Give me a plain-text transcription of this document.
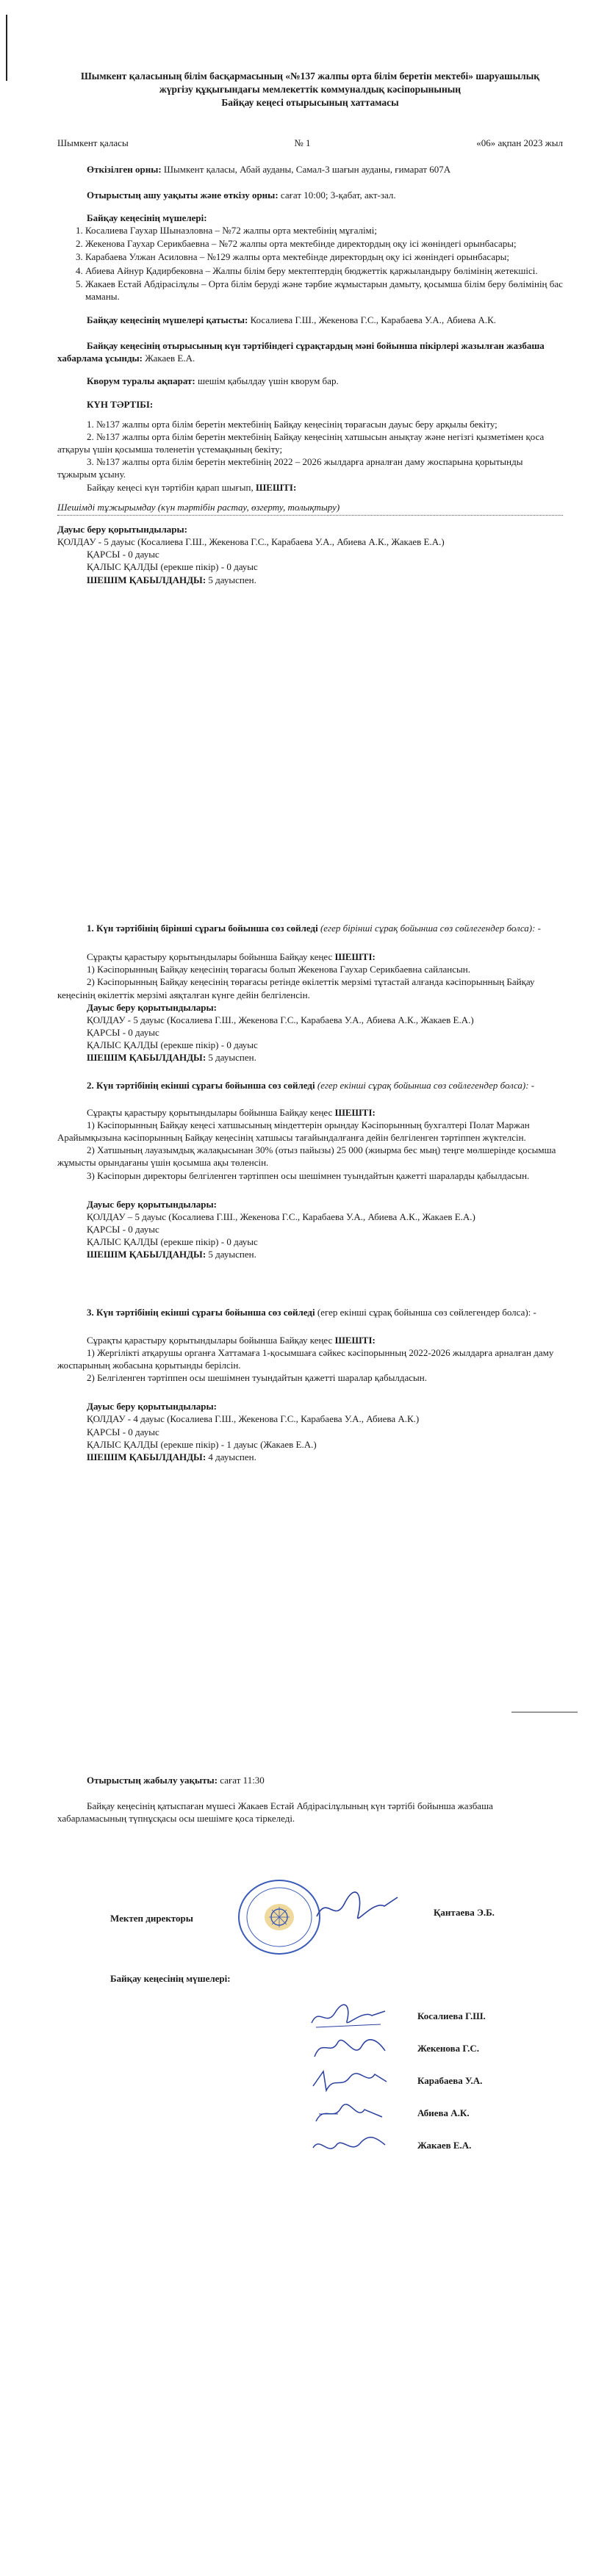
Шымкент қаласының білім басқармасының «№137 жалпы орта білім беретін мектебі» шаруашылық жүргізу құқығындағы мемлекеттік коммуналдық кәсіпорынының

Байқау кеңесі отырысының хаттамасы

Шымкент қаласы	№ 1	«06» ақпан 2023 жыл

Өткізілген орны: Шымкент қаласы, Абай ауданы, Самал-3 шағын ауданы, ғимарат 607А

Отырыстың ашу уақыты және өткізу орны: сағат 10:00; 3-қабат, акт-зал.

Байқау кеңесінің мүшелері:

1. Косалиева Гаухар Шынаэловна – №72 жалпы орта мектебінің мұғалімі;
2. Жекенова Гаухар Серикбаевна – №72 жалпы орта мектебінде директордың оқу ісі жөніндегі орынбасары;
3. Карабаева Улжан Асиловна – №129 жалпы орта мектебінде директордың оқу ісі жөніндегі орынбасары;
4. Абиева Айнур Қадирбековна – Жалпы білім беру мектептердің бюджеттік қаржыландыру бөлімінің жетекшісі.
5. Жакаев Естай Абдірасілұлы – Орта білім беруді және тәрбие жұмыстарын дамыту, қосымша білім беру бөлімінің бас маманы.

Байқау кеңесінің мүшелері қатысты: Косалиева Г.Ш., Жекенова Г.С., Карабаева У.А., Абиева А.К.

Байқау кеңесінің отырысының күн тәртібіндегі сұрақтардың мәні бойынша пікірлері жазылған жазбаша хабарлама ұсынды: Жакаев Е.А.

Кворум туралы ақпарат: шешім қабылдау үшін кворум бар.

КҮН ТӘРТІБІ:

1. №137 жалпы орта білім беретін мектебінің Байқау кеңесінің төрағасын дауыс беру арқылы бекіту;

2. №137 жалпы орта білім беретін мектебінің Байқау кеңесінің хатшысын анықтау және негізгі қызметімен қоса атқаруы үшін қосымша төленетін үстемақының бекіту;

3. №137 жалпы орта білім беретін мектебінің 2022 – 2026 жылдарға арналған даму жоспарына қорытынды тұжырым ұсыну.

Байқау кеңесі күн тәртібін қарап шығып, ШЕШТІ:

Шешімді тұжырымдау (күн тәртібін растау, өзгерту, толықтыру)

Дауыс беру қорытындылары:

ҚОЛДАУ - 5 дауыс (Косалиева Г.Ш., Жекенова Г.С., Карабаева У.А., Абиева А.К., Жакаев Е.А.)

ҚАРСЫ - 0 дауыс

ҚАЛЫС ҚАЛДЫ (ерекше пікір) - 0 дауыс

ШЕШІМ ҚАБЫЛДАНДЫ: 5 дауыспен.

1. Күн тәртібінің бірінші сұрағы бойынша сөз сөйледі (егер бірінші сұрақ бойынша сөз сөйлегендер болса): -

Сұрақты қарастыру қорытындылары бойынша Байқау кеңес ШЕШТІ:

1) Кәсіпорынның Байқау кеңесінің төрағасы болып Жекенова Гаухар Серикбаевна сайлансын.

2) Кәсіпорынның Байқау кеңесінің төрағасы ретінде өкілеттік мерзімі тұтастай алғанда кәсіпорынның Байқау кеңесінің өкілеттік мерзімі аяқталған күнге дейін белгіленсін.

Дауыс беру қорытындылары:

ҚОЛДАУ - 5 дауыс (Косалиева Г.Ш., Жекенова Г.С., Карабаева У.А., Абиева А.К., Жакаев Е.А.)

ҚАРСЫ - 0 дауыс

ҚАЛЫС ҚАЛДЫ (ерекше пікір) - 0 дауыс

ШЕШІМ ҚАБЫЛДАНДЫ: 5 дауыспен.

2. Күн тәртібінің екінші сұрағы бойынша сөз сөйледі (егер екінші сұрақ бойынша сөз сөйлегендер болса): -

Сұрақты қарастыру қорытындылары бойынша Байқау кеңес ШЕШТІ:

1) Кәсіпорынның Байқау кеңесі хатшысының міндеттерін орындау Кәсіпорынның бухгалтері Полат Маржан Арайымқызына кәсіпорынның Байқау кеңесінің хатшысы тағайындалғанға дейін белгіленген тәртіппен жүктелсін.

2) Хатшының лауазымдық жалақысынан 30% (отыз пайызы) 25 000 (жиырма бес мың) теңге мөлшерінде қосымша жұмысты орындағаны үшін қосымша ақы төленсін.

3) Кәсіпорын директоры белгіленген тәртіппен осы шешімнен туындайтын қажетті шараларды қабылдасын.

Дауыс беру қорытындылары:

ҚОЛДАУ – 5 дауыс (Косалиева Г.Ш., Жекенова Г.С., Карабаева У.А., Абиева А.К., Жакаев Е.А.)

ҚАРСЫ - 0 дауыс

ҚАЛЫС ҚАЛДЫ (ерекше пікір) - 0 дауыс

ШЕШІМ ҚАБЫЛДАНДЫ: 5 дауыспен.

3. Күн тәртібінің екінші сұрағы бойынша сөз сөйледі (егер екінші сұрақ бойынша сөз сөйлегендер болса): -

Сұрақты қарастыру қорытындылары бойынша Байқау кеңес ШЕШТІ:

1) Жергілікті атқарушы органға Хаттамаға 1-қосымшаға сәйкес кәсіпорынның 2022-2026 жылдарға арналған даму жоспарының жобасына қорытынды берілсін.

2) Белгіленген тәртіппен осы шешімнен туындайтын қажетті шаралар қабылдасын.

Дауыс беру қорытындылары:

ҚОЛДАУ - 4 дауыс (Косалиева Г.Ш., Жекенова Г.С., Карабаева У.А., Абиева А.К.)

ҚАРСЫ - 0 дауыс

ҚАЛЫС ҚАЛДЫ (ерекше пікір) - 1 дауыс (Жакаев Е.А.)

ШЕШІМ ҚАБЫЛДАНДЫ: 4 дауыспен.

Отырыстың жабылу уақыты: сағат 11:30

Байқау кеңесінің қатыспаған мүшесі Жакаев Естай Абдірасілұлының күн тәртібі бойынша жазбаша хабарламасының түпнұсқасы осы шешімге қоса тіркеледі.

Мектеп директоры
Қантаева Э.Б.
Байқау кеңесінің мүшелері:
Косалиева Г.Ш.
Жекенова Г.С.
Карабаева У.А.
Абиева А.К.
Жакаев Е.А.
